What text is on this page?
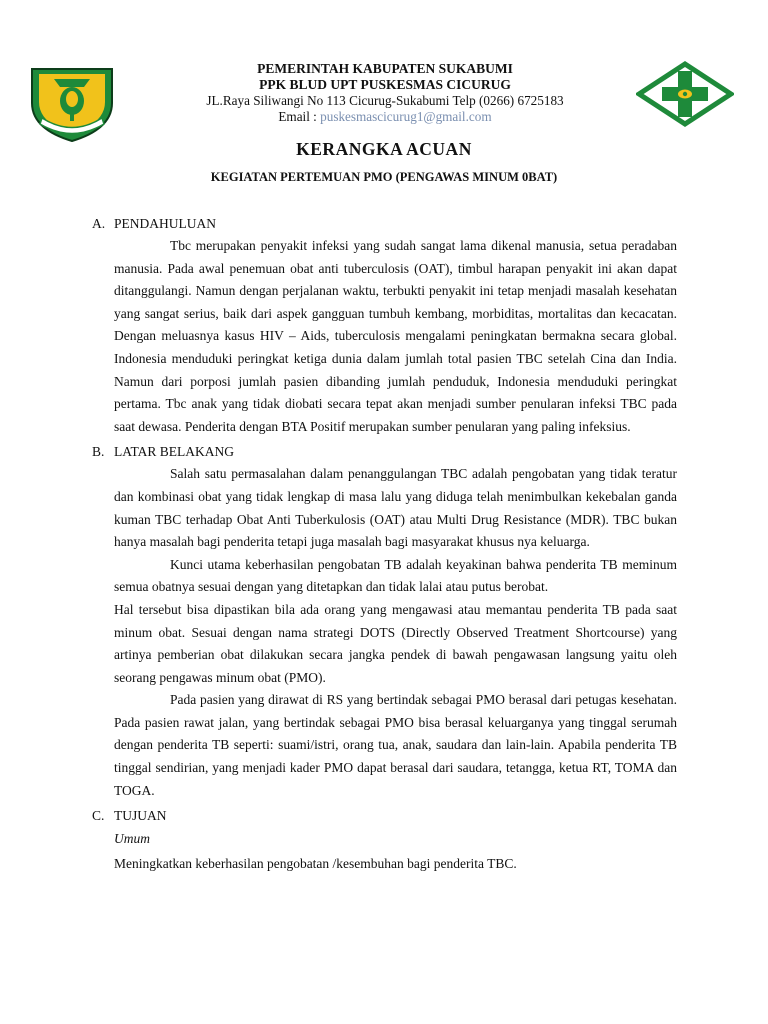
PEMERINTAH KABUPATEN SUKABUMI
PPK BLUD UPT PUSKESMAS CICURUG
JL.Raya Siliwangi No 113 Cicurug-Sukabumi Telp (0266) 6725183
Email : puskesmascicurug1@gmail.com
KERANGKA ACUAN
KEGIATAN PERTEMUAN PMO (PENGAWAS MINUM 0BAT)
A. PENDAHULUAN

Tbc merupakan penyakit infeksi yang sudah sangat lama dikenal manusia, setua peradaban manusia. Pada awal penemuan obat anti tuberculosis (OAT), timbul harapan penyakit ini akan dapat ditanggulangi. Namun dengan perjalanan waktu, terbukti penyakit ini tetap menjadi masalah kesehatan yang sangat serius, baik dari aspek gangguan tumbuh kembang, morbiditas, mortalitas dan kecacatan. Dengan meluasnya kasus HIV – Aids, tuberculosis mengalami peningkatan bermakna secara global. Indonesia menduduki peringkat ketiga dunia dalam jumlah total pasien TBC setelah Cina dan India. Namun dari porposi jumlah pasien dibanding jumlah penduduk, Indonesia menduduki peringkat pertama. Tbc anak yang tidak diobati secara tepat akan menjadi sumber penularan infeksi TBC pada saat dewasa. Penderita dengan BTA Positif merupakan sumber penularan yang paling infeksius.

B. LATAR BELAKANG

Salah satu permasalahan dalam penanggulangan TBC adalah pengobatan yang tidak teratur dan kombinasi obat yang tidak lengkap di masa lalu yang diduga telah menimbulkan kekebalan ganda kuman TBC terhadap Obat Anti Tuberkulosis (OAT) atau Multi Drug Resistance (MDR). TBC bukan hanya masalah bagi penderita tetapi juga masalah bagi masyarakat khusus nya keluarga.

Kunci utama keberhasilan pengobatan TB adalah keyakinan bahwa penderita TB meminum semua obatnya sesuai dengan yang ditetapkan dan tidak lalai atau putus berobat.

Hal tersebut bisa dipastikan bila ada orang yang mengawasi atau memantau penderita TB pada saat minum obat. Sesuai dengan nama strategi DOTS (Directly Observed Treatment Shortcourse) yang artinya pemberian obat dilakukan secara jangka pendek di bawah pengawasan langsung yaitu oleh seorang pengawas minum obat (PMO).

Pada pasien yang dirawat di RS yang bertindak sebagai PMO berasal dari petugas kesehatan. Pada pasien rawat jalan, yang bertindak sebagai PMO bisa berasal keluarganya yang tinggal serumah dengan penderita TB seperti: suami/istri, orang tua, anak, saudara dan lain-lain. Apabila penderita TB tinggal sendirian, yang menjadi kader PMO dapat berasal dari saudara, tetangga, ketua RT, TOMA dan TOGA.

C. TUJUAN
Umum
Meningkatkan keberhasilan pengobatan /kesembuhan bagi penderita TBC.
